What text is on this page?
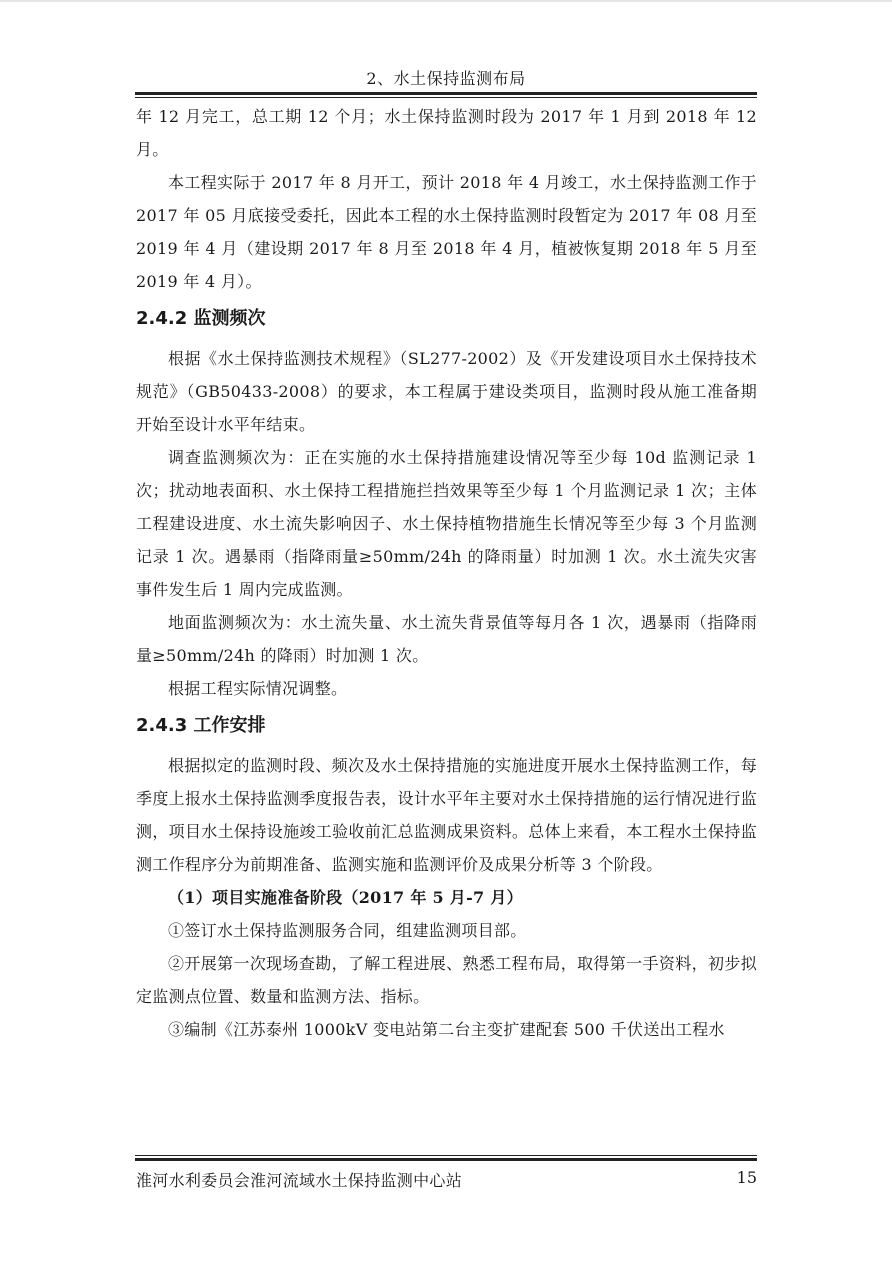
2、水土保持监测布局

年 12 月完工，总工期 12 个月；水土保持监测时段为 2017 年 1 月到 2018 年 12 月。

本工程实际于 2017 年 8 月开工，预计 2018 年 4 月竣工，水土保持监测工作于 2017 年 05 月底接受委托，因此本工程的水土保持监测时段暂定为 2017 年 08 月至 2019 年 4 月（建设期 2017 年 8 月至 2018 年 4 月，植被恢复期 2018 年 5 月至 2019 年 4 月）。

2.4.2 监测频次

根据《水土保持监测技术规程》（SL277-2002）及《开发建设项目水土保持技术规范》（GB50433-2008）的要求，本工程属于建设类项目，监测时段从施工准备期开始至设计水平年结束。

调查监测频次为：正在实施的水土保持措施建设情况等至少每 10d 监测记录 1 次；扰动地表面积、水土保持工程措施拦挡效果等至少每 1 个月监测记录 1 次；主体工程建设进度、水土流失影响因子、水土保持植物措施生长情况等至少每 3 个月监测记录 1 次。遇暴雨（指降雨量≥50mm/24h 的降雨量）时加测 1 次。水土流失灾害事件发生后 1 周内完成监测。

地面监测频次为：水土流失量、水土流失背景值等每月各 1 次，遇暴雨（指降雨量≥50mm/24h 的降雨）时加测 1 次。

根据工程实际情况调整。

2.4.3 工作安排

根据拟定的监测时段、频次及水土保持措施的实施进度开展水土保持监测工作，每季度上报水土保持监测季度报告表，设计水平年主要对水土保持措施的运行情况进行监测，项目水土保持设施竣工验收前汇总监测成果资料。总体上来看，本工程水土保持监测工作程序分为前期准备、监测实施和监测评价及成果分析等 3 个阶段。

（1）项目实施准备阶段（2017 年 5 月-7 月）

①签订水土保持监测服务合同，组建监测项目部。

②开展第一次现场查勘，了解工程进展、熟悉工程布局，取得第一手资料，初步拟定监测点位置、数量和监测方法、指标。

③编制《江苏泰州 1000kV 变电站第二台主变扩建配套 500 千伏送出工程水

淮河水利委员会淮河流域水土保持监测中心站	15
